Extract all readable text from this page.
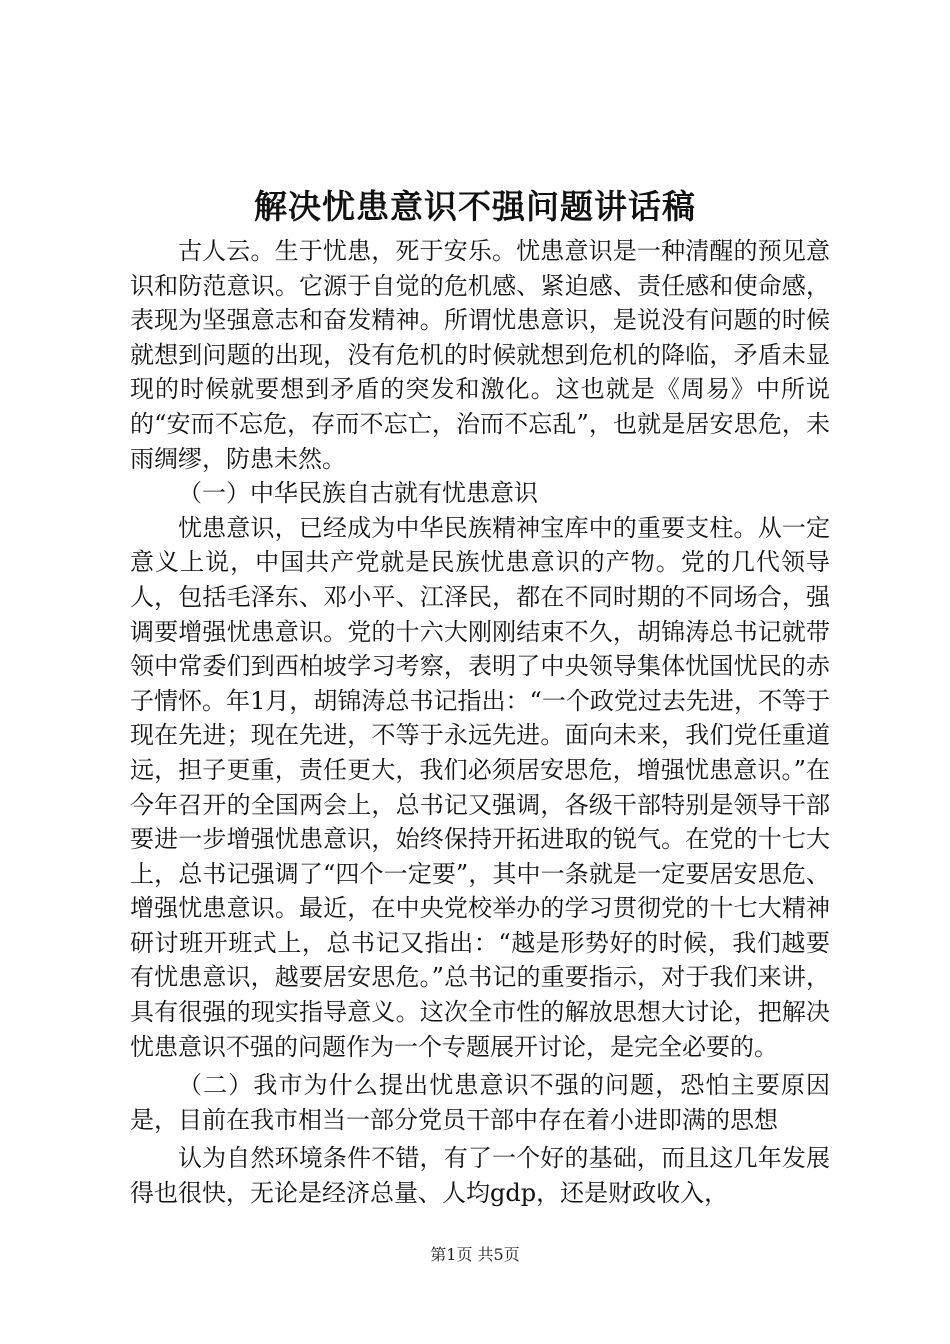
解决忧患意识不强问题讲话稿

古人云。生于忧患，死于安乐。忧患意识是一种清醒的预见意识和防范意识。它源于自觉的危机感、紧迫感、责任感和使命感，表现为坚强意志和奋发精神。所谓忧患意识，是说没有问题的时候就想到问题的出现，没有危机的时候就想到危机的降临，矛盾未显现的时候就要想到矛盾的突发和激化。这也就是《周易》中所说的“安而不忘危，存而不忘亡，治而不忘乱”，也就是居安思危，未雨绸缪，防患未然。

（一）中华民族自古就有忧患意识

忧患意识，已经成为中华民族精神宝库中的重要支柱。从一定意义上说，中国共产党就是民族忧患意识的产物。党的几代领导人，包括毛泽东、邓小平、江泽民，都在不同时期的不同场合，强调要增强忧患意识。党的十六大刚刚结束不久，胡锦涛总书记就带领中常委们到西柏坡学习考察，表明了中央领导集体忧国忧民的赤子情怀。年1月，胡锦涛总书记指出：“一个政党过去先进，不等于现在先进；现在先进，不等于永远先进。面向未来，我们党任重道远，担子更重，责任更大，我们必须居安思危，增强忧患意识。”在今年召开的全国两会上，总书记又强调，各级干部特别是领导干部要进一步增强忧患意识，始终保持开拓进取的锐气。在党的十七大上，总书记强调了“四个一定要”，其中一条就是一定要居安思危、增强忧患意识。最近，在中央党校举办的学习贯彻党的十七大精神研讨班开班式上，总书记又指出：“越是形势好的时候，我们越要有忧患意识，越要居安思危。”总书记的重要指示，对于我们来讲，具有很强的现实指导意义。这次全市性的解放思想大讨论，把解决忧患意识不强的问题作为一个专题展开讨论，是完全必要的。

（二）我市为什么提出忧患意识不强的问题，恐怕主要原因是，目前在我市相当一部分党员干部中存在着小进即满的思想

认为自然环境条件不错，有了一个好的基础，而且这几年发展得也很快，无论是经济总量、人均gdp，还是财政收入，

第1页 共5页
